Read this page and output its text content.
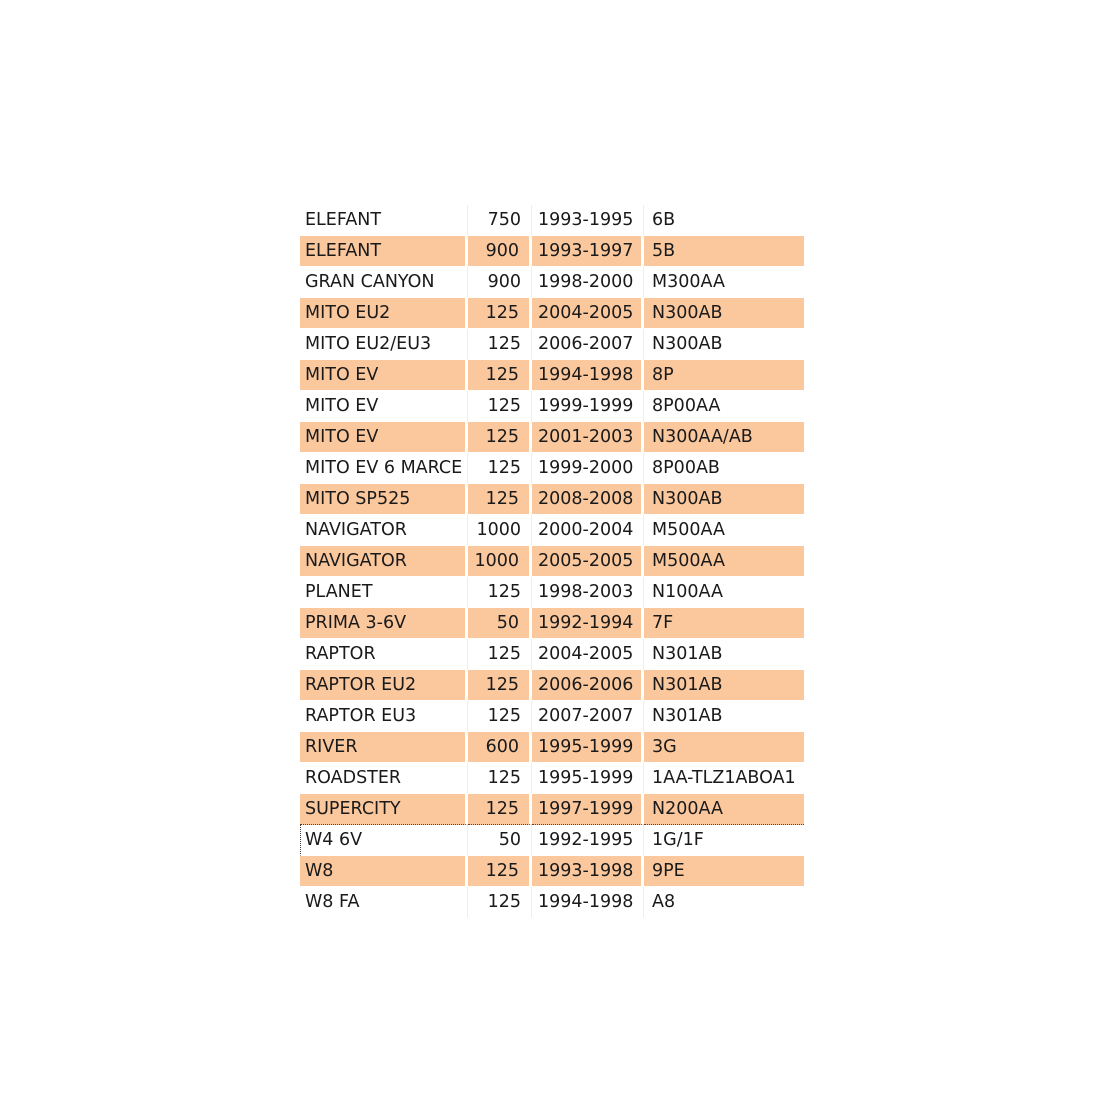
ELEFANT	750	1993-1995	6B
ELEFANT	900	1993-1997	5B
GRAN CANYON	900	1998-2000	M300AA
MITO EU2	125	2004-2005	N300AB
MITO EU2/EU3	125	2006-2007	N300AB
MITO EV	125	1994-1998	8P
MITO EV	125	1999-1999	8P00AA
MITO EV	125	2001-2003	N300AA/AB
MITO EV 6 MARCE	125	1999-2000	8P00AB
MITO SP525	125	2008-2008	N300AB
NAVIGATOR	1000	2000-2004	M500AA
NAVIGATOR	1000	2005-2005	M500AA
PLANET	125	1998-2003	N100AA
PRIMA 3-6V	50	1992-1994	7F
RAPTOR	125	2004-2005	N301AB
RAPTOR EU2	125	2006-2006	N301AB
RAPTOR EU3	125	2007-2007	N301AB
RIVER	600	1995-1999	3G
ROADSTER	125	1995-1999	1AA-TLZ1ABOA1
SUPERCITY	125	1997-1999	N200AA
W4 6V	50	1992-1995	1G/1F
W8	125	1993-1998	9PE
W8 FA	125	1994-1998	A8
